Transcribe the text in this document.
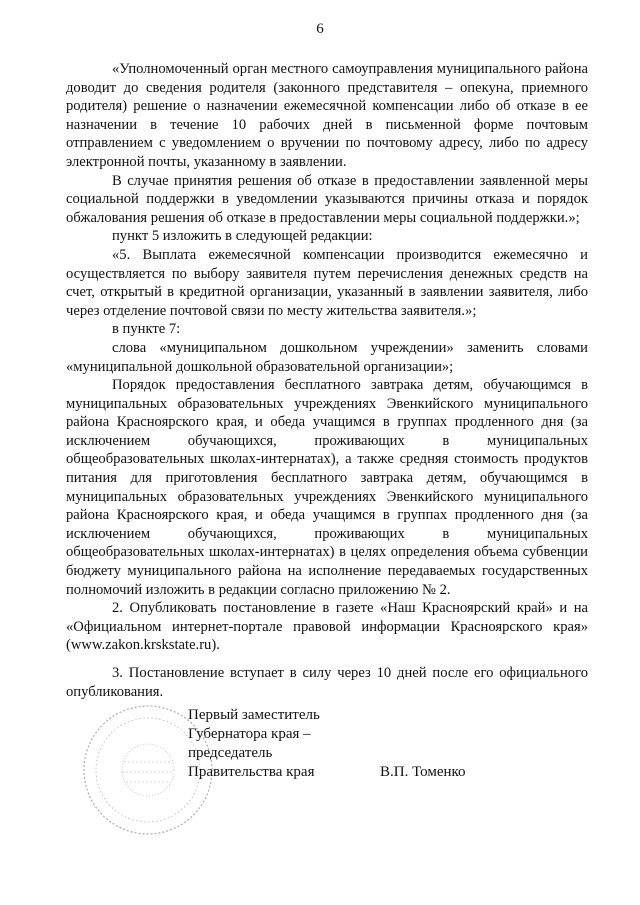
6

«Уполномоченный орган местного самоуправления муниципального района доводит до сведения родителя (законного представителя – опекуна, приемного родителя) решение о назначении ежемесячной компенсации либо об отказе в ее назначении в течение 10 рабочих дней в письменной форме почтовым отправлением с уведомлением о вручении по почтовому адресу, либо по адресу электронной почты, указанному в заявлении.

В случае принятия решения об отказе в предоставлении заявленной меры социальной поддержки в уведомлении указываются причины отказа и порядок обжалования решения об отказе в предоставлении меры социальной поддержки.»;

пункт 5 изложить в следующей редакции:

«5. Выплата ежемесячной компенсации производится ежемесячно и осуществляется по выбору заявителя путем перечисления денежных средств на счет, открытый в кредитной организации, указанный в заявлении заявителя, либо через отделение почтовой связи по месту жительства заявителя.»;

в пункте 7:

слова «муниципальном дошкольном учреждении» заменить словами «муниципальной дошкольной образовательной организации»;

Порядок предоставления бесплатного завтрака детям, обучающимся в муниципальных образовательных учреждениях Эвенкийского муниципального района Красноярского края, и обеда учащимся в группах продленного дня (за исключением обучающихся, проживающих в муниципальных общеобразовательных школах-интернатах), а также средняя стоимость продуктов питания для приготовления бесплатного завтрака детям, обучающимся в муниципальных образовательных учреждениях Эвенкийского муниципального района Красноярского края, и обеда учащимся в группах продленного дня (за исключением обучающихся, проживающих в муниципальных общеобразовательных школах-интернатах) в целях определения объема субвенции бюджету муниципального района на исполнение передаваемых государственных полномочий изложить в редакции согласно приложению № 2.

2. Опубликовать постановление в газете «Наш Красноярский край» и на «Официальном интернет-портале правовой информации Красноярского края» (www.zakon.krskstate.ru).

3. Постановление вступает в силу через 10 дней после его официального опубликования.

Первый заместитель
Губернатора края –
председатель
Правительства края	В.П. Томенко
